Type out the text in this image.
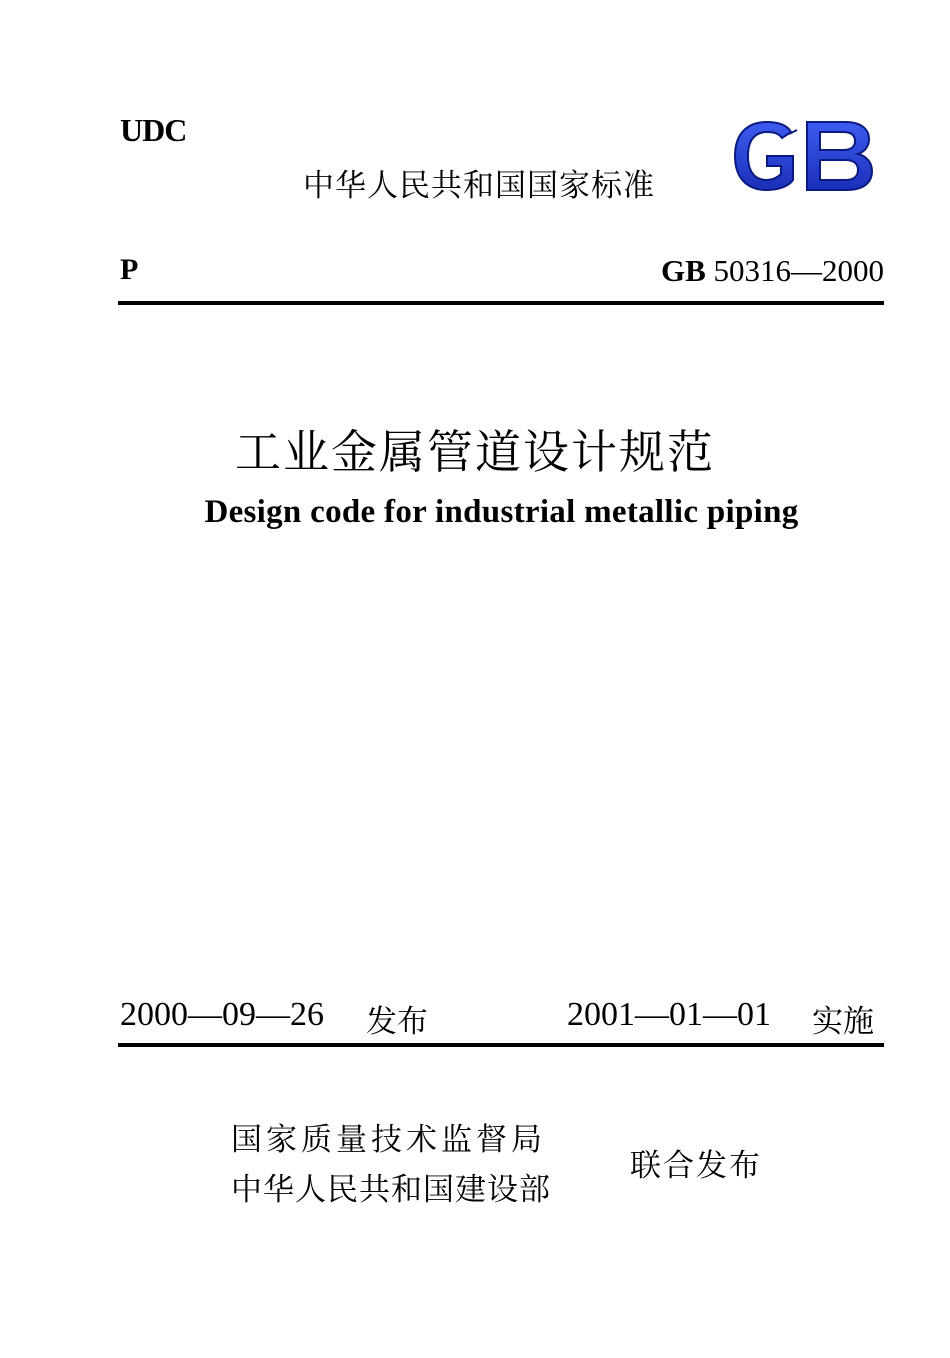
UDC
中华人民共和国国家标准
P	GB 50316—2000
工业金属管道设计规范
Design code for industrial metallic piping
2000—09—26 发布	2001—01—01 实施
国家质量技术监督局
中华人民共和国建设部
联合发布
